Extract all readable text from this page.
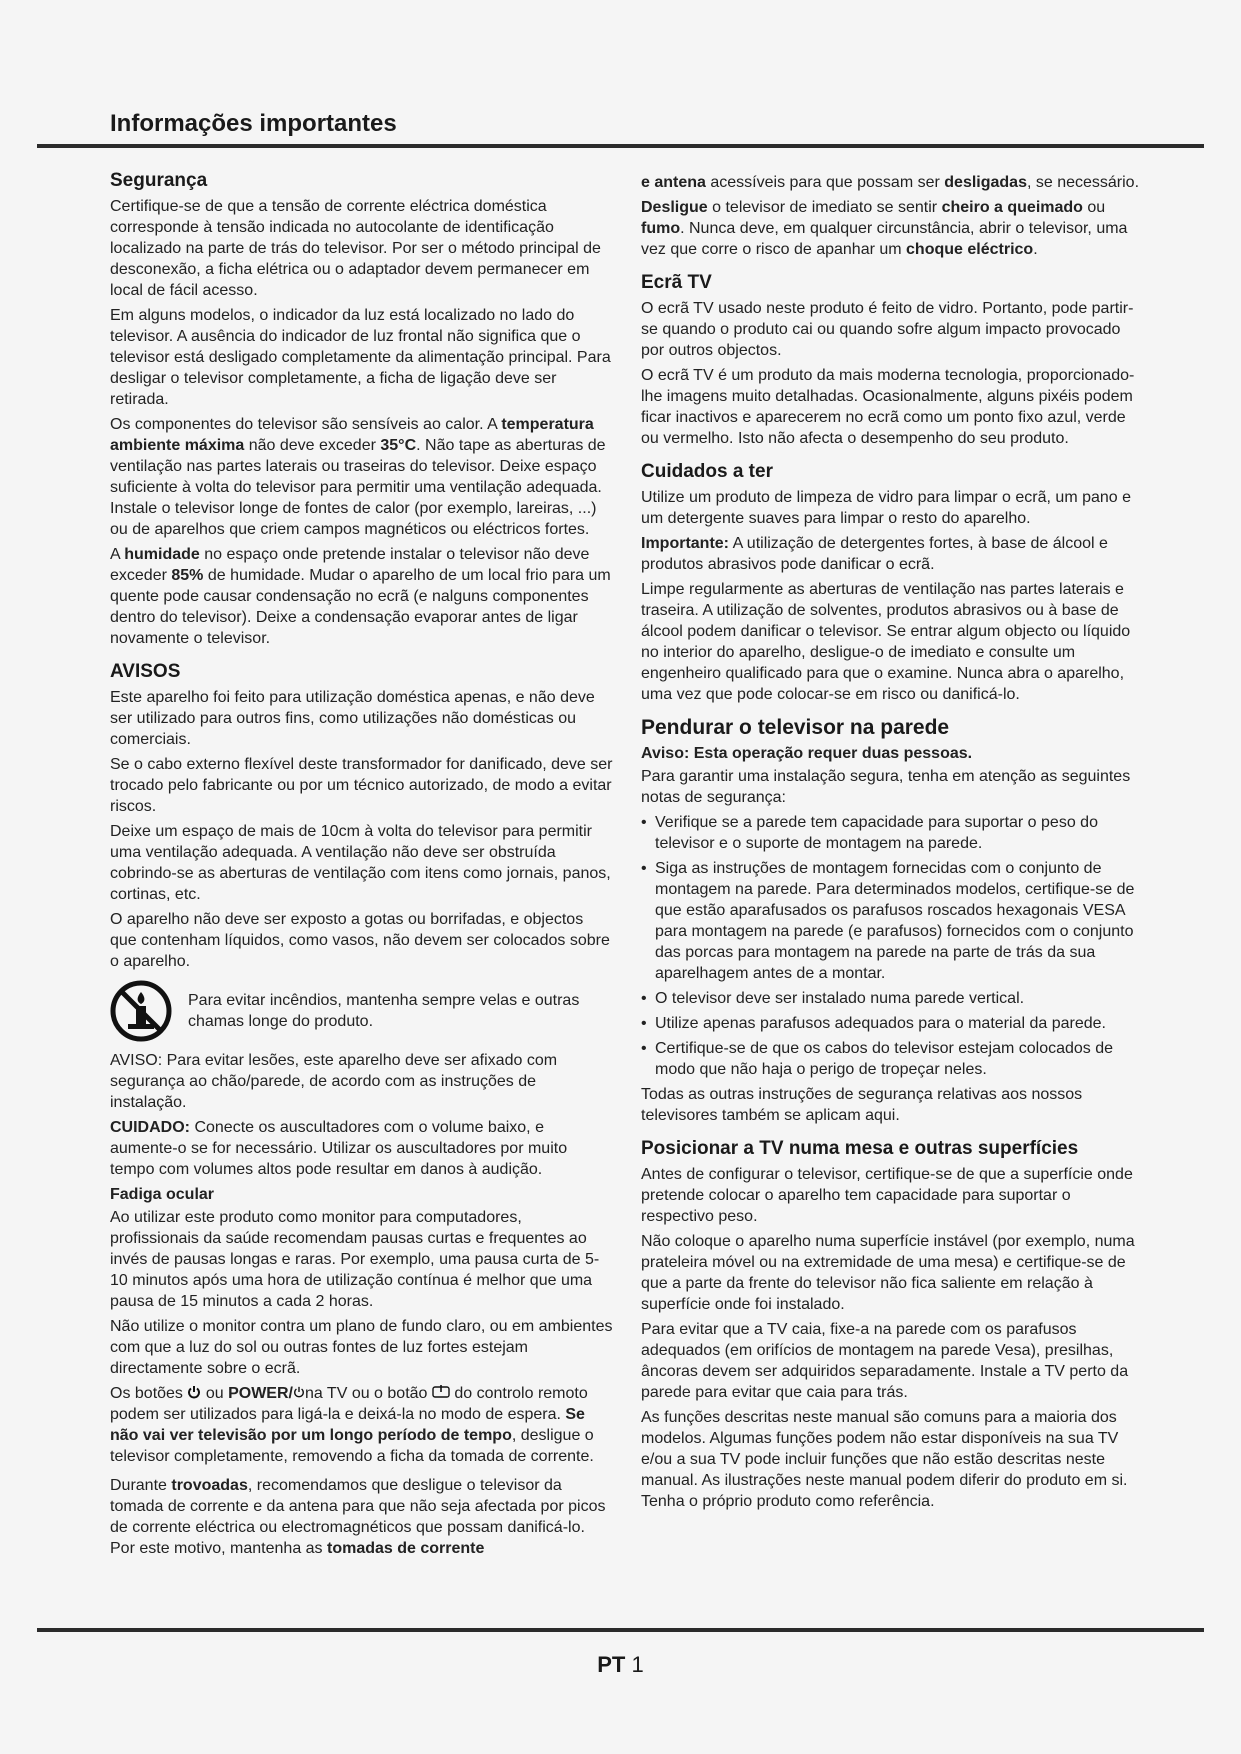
Informações importantes
Segurança

Certifique-se de que a tensão de corrente eléctrica doméstica corresponde à tensão indicada no autocolante de identificação localizado na parte de trás do televisor. Por ser o método principal de desconexão, a ficha elétrica ou o adaptador devem permanecer em local de fácil acesso.

Em alguns modelos, o indicador da luz está localizado no lado do televisor. A ausência do indicador de luz frontal não significa que o televisor está desligado completamente da alimentação principal. Para desligar o televisor completamente, a ficha de ligação deve ser retirada.

Os componentes do televisor são sensíveis ao calor. A temperatura ambiente máxima não deve exceder 35°C. Não tape as aberturas de ventilação nas partes laterais ou traseiras do televisor. Deixe espaço suficiente à volta do televisor para permitir uma ventilação adequada. Instale o televisor longe de fontes de calor (por exemplo, lareiras, ...) ou de aparelhos que criem campos magnéticos ou eléctricos fortes.

A humidade no espaço onde pretende instalar o televisor não deve exceder 85% de humidade. Mudar o aparelho de um local frio para um quente pode causar condensação no ecrã (e nalguns componentes dentro do televisor). Deixe a condensação evaporar antes de ligar novamente o televisor.

AVISOS

Este aparelho foi feito para utilização doméstica apenas, e não deve ser utilizado para outros fins, como utilizações não domésticas ou comerciais.

Se o cabo externo flexível deste transformador for danificado, deve ser trocado pelo fabricante ou por um técnico autorizado, de modo a evitar riscos.

Deixe um espaço de mais de 10cm à volta do televisor para permitir uma ventilação adequada. A ventilação não deve ser obstruída cobrindo-se as aberturas de ventilação com itens como jornais, panos, cortinas, etc.

O aparelho não deve ser exposto a gotas ou borrifadas, e objectos que contenham líquidos, como vasos, não devem ser colocados sobre o aparelho.

Para evitar incêndios, mantenha sempre velas e outras chamas longe do produto.

AVISO: Para evitar lesões, este aparelho deve ser afixado com segurança ao chão/parede, de acordo com as instruções de instalação.

CUIDADO: Conecte os auscultadores com o volume baixo, e aumente-o se for necessário. Utilizar os auscultadores por muito tempo com volumes altos pode resultar em danos à audição.

Fadiga ocular

Ao utilizar este produto como monitor para computadores, profissionais da saúde recomendam pausas curtas e frequentes ao invés de pausas longas e raras. Por exemplo, uma pausa curta de 5-10 minutos após uma hora de utilização contínua é melhor que uma pausa de 15 minutos a cada 2 horas.

Não utilize o monitor contra um plano de fundo claro, ou em ambientes com que a luz do sol ou outras fontes de luz fortes estejam directamente sobre o ecrã.

Os botões  ou POWER/ na TV ou o botão  do controlo remoto podem ser utilizados para ligá-la e deixá-la no modo de espera. Se não vai ver televisão por um longo período de tempo, desligue o televisor completamente, removendo a ficha da tomada de corrente.

Durante trovoadas, recomendamos que desligue o televisor da tomada de corrente e da antena para que não seja afectada por picos de corrente eléctrica ou electromagnéticos que possam danificá-lo. Por este motivo, mantenha as tomadas de corrente

e antena acessíveis para que possam ser desligadas, se necessário.

Desligue o televisor de imediato se sentir cheiro a queimado ou fumo. Nunca deve, em qualquer circunstância, abrir o televisor, uma vez que corre o risco de apanhar um choque eléctrico.

Ecrã TV

O ecrã TV usado neste produto é feito de vidro. Portanto, pode partir-se quando o produto cai ou quando sofre algum impacto provocado por outros objectos.

O ecrã TV é um produto da mais moderna tecnologia, proporcionado-lhe imagens muito detalhadas. Ocasionalmente, alguns pixéis podem ficar inactivos e aparecerem no ecrã como um ponto fixo azul, verde ou vermelho. Isto não afecta o desempenho do seu produto.

Cuidados a ter

Utilize um produto de limpeza de vidro para limpar o ecrã, um pano e um detergente suaves para limpar o resto do aparelho.

Importante: A utilização de detergentes fortes, à base de álcool e produtos abrasivos pode danificar o ecrã.

Limpe regularmente as aberturas de ventilação nas partes laterais e traseira. A utilização de solventes, produtos abrasivos ou à base de álcool podem danificar o televisor. Se entrar algum objecto ou líquido no interior do aparelho, desligue-o de imediato e consulte um engenheiro qualificado para que o examine. Nunca abra o aparelho, uma vez que pode colocar-se em risco ou danificá-lo.

Pendurar o televisor na parede
Aviso: Esta operação requer duas pessoas.

Para garantir uma instalação segura, tenha em atenção as seguintes notas de segurança:

• Verifique se a parede tem capacidade para suportar o peso do televisor e o suporte de montagem na parede.
• Siga as instruções de montagem fornecidas com o conjunto de montagem na parede. Para determinados modelos, certifique-se de que estão aparafusados os parafusos roscados hexagonais VESA para montagem na parede (e parafusos) fornecidos com o conjunto das porcas para montagem na parede na parte de trás da sua aparelhagem antes de a montar.
• O televisor deve ser instalado numa parede vertical.
• Utilize apenas parafusos adequados para o material da parede.
• Certifique-se de que os cabos do televisor estejam colocados de modo que não haja o perigo de tropeçar neles.

Todas as outras instruções de segurança relativas aos nossos televisores também se aplicam aqui.

Posicionar a TV numa mesa e outras superfícies

Antes de configurar o televisor, certifique-se de que a superfície onde pretende colocar o aparelho tem capacidade para suportar o respectivo peso.

Não coloque o aparelho numa superfície instável (por exemplo, numa prateleira móvel ou na extremidade de uma mesa) e certifique-se de que a parte da frente do televisor não fica saliente em relação à superfície onde foi instalado.

Para evitar que a TV caia, fixe-a na parede com os parafusos adequados (em orifícios de montagem na parede Vesa), presilhas, âncoras devem ser adquiridos separadamente. Instale a TV perto da parede para evitar que caia para trás.

As funções descritas neste manual são comuns para a maioria dos modelos. Algumas funções podem não estar disponíveis na sua TV e/ou a sua TV pode incluir funções que não estão descritas neste manual. As ilustrações neste manual podem diferir do produto em si. Tenha o próprio produto como referência.

PT 1
